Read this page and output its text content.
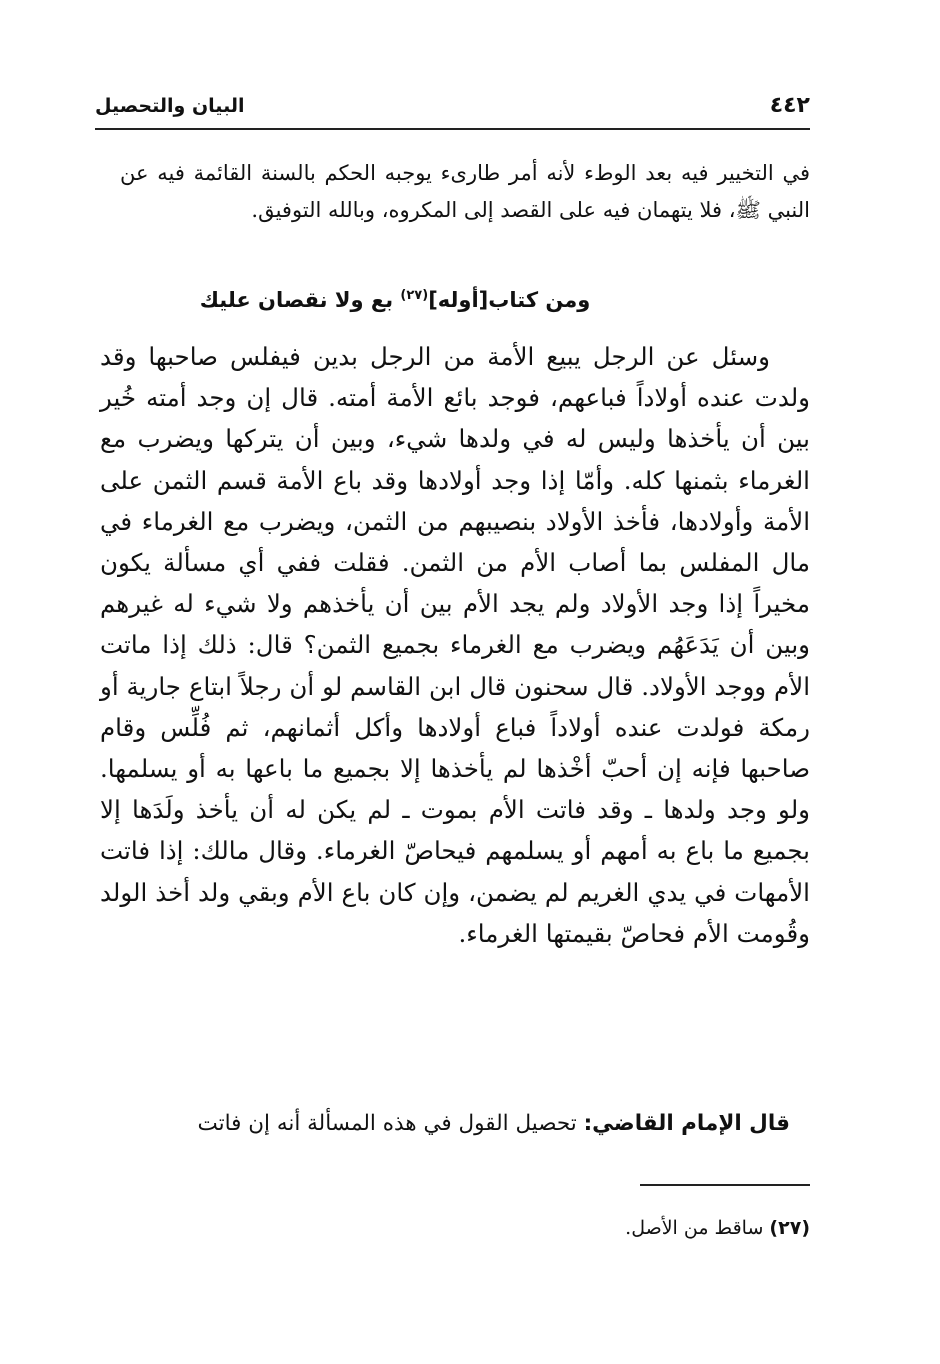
٤٤٢
البيان والتحصيل
في التخيير فيه بعد الوطء لأنه أمر طارىء يوجبه الحكم بالسنة القائمة فيه عن النبي ﷺ، فلا يتهمان فيه على القصد إلى المكروه، وبالله التوفيق.
ومن كتاب[أوله]$^{(٢٧)}$ بع ولا نقصان عليك

وسئل عن الرجل يبيع الأمة من الرجل بدين فيفلس صاحبها وقد ولدت عنده أولاداً فباعهم، فوجد بائع الأمة أمته. قال إن وجد أمته خُير بين أن يأخذها وليس له في ولدها شيء، وبين أن يتركها ويضرب مع الغرماء بثمنها كله. وأمّا إذا وجد أولادها وقد باع الأمة قسم الثمن على الأمة وأولادها، فأخذ الأولاد بنصيبهم من الثمن، ويضرب مع الغرماء في مال المفلس بما أصاب الأم من الثمن. فقلت ففي أي مسألة يكون مخيراً إذا وجد الأولاد ولم يجد الأم بين أن يأخذهم ولا شيء له غيرهم وبين أن يَدَعَهُم ويضرب مع الغرماء بجميع الثمن؟ قال: ذلك إذا ماتت الأم ووجد الأولاد. قال سحنون قال ابن القاسم لو أن رجلاً ابتاع جارية أو رمكة فولدت عنده أولاداً فباع أولادها وأكل أثمانهم، ثم فُلِّس وقام صاحبها فإنه إن أحبّ أخْذها لم يأخذها إلا بجميع ما باعها به أو يسلمها. ولو وجد ولدها ـ وقد فاتت الأم بموت ـ لم يكن له أن يأخذ ولَدَها إلا بجميع ما باع به أمهم أو يسلمهم فيحاصّ الغرماء. وقال مالك: إذا فاتت الأمهات في يدي الغريم لم يضمن، وإن كان باع الأم وبقي ولد أخذ الولد وقُومت الأم فحاصّ بقيمتها الغرماء.

قال الإمام القاضي: تحصيل القول في هذه المسألة أنه إن فاتت
(٢٧) ساقط من الأصل.
